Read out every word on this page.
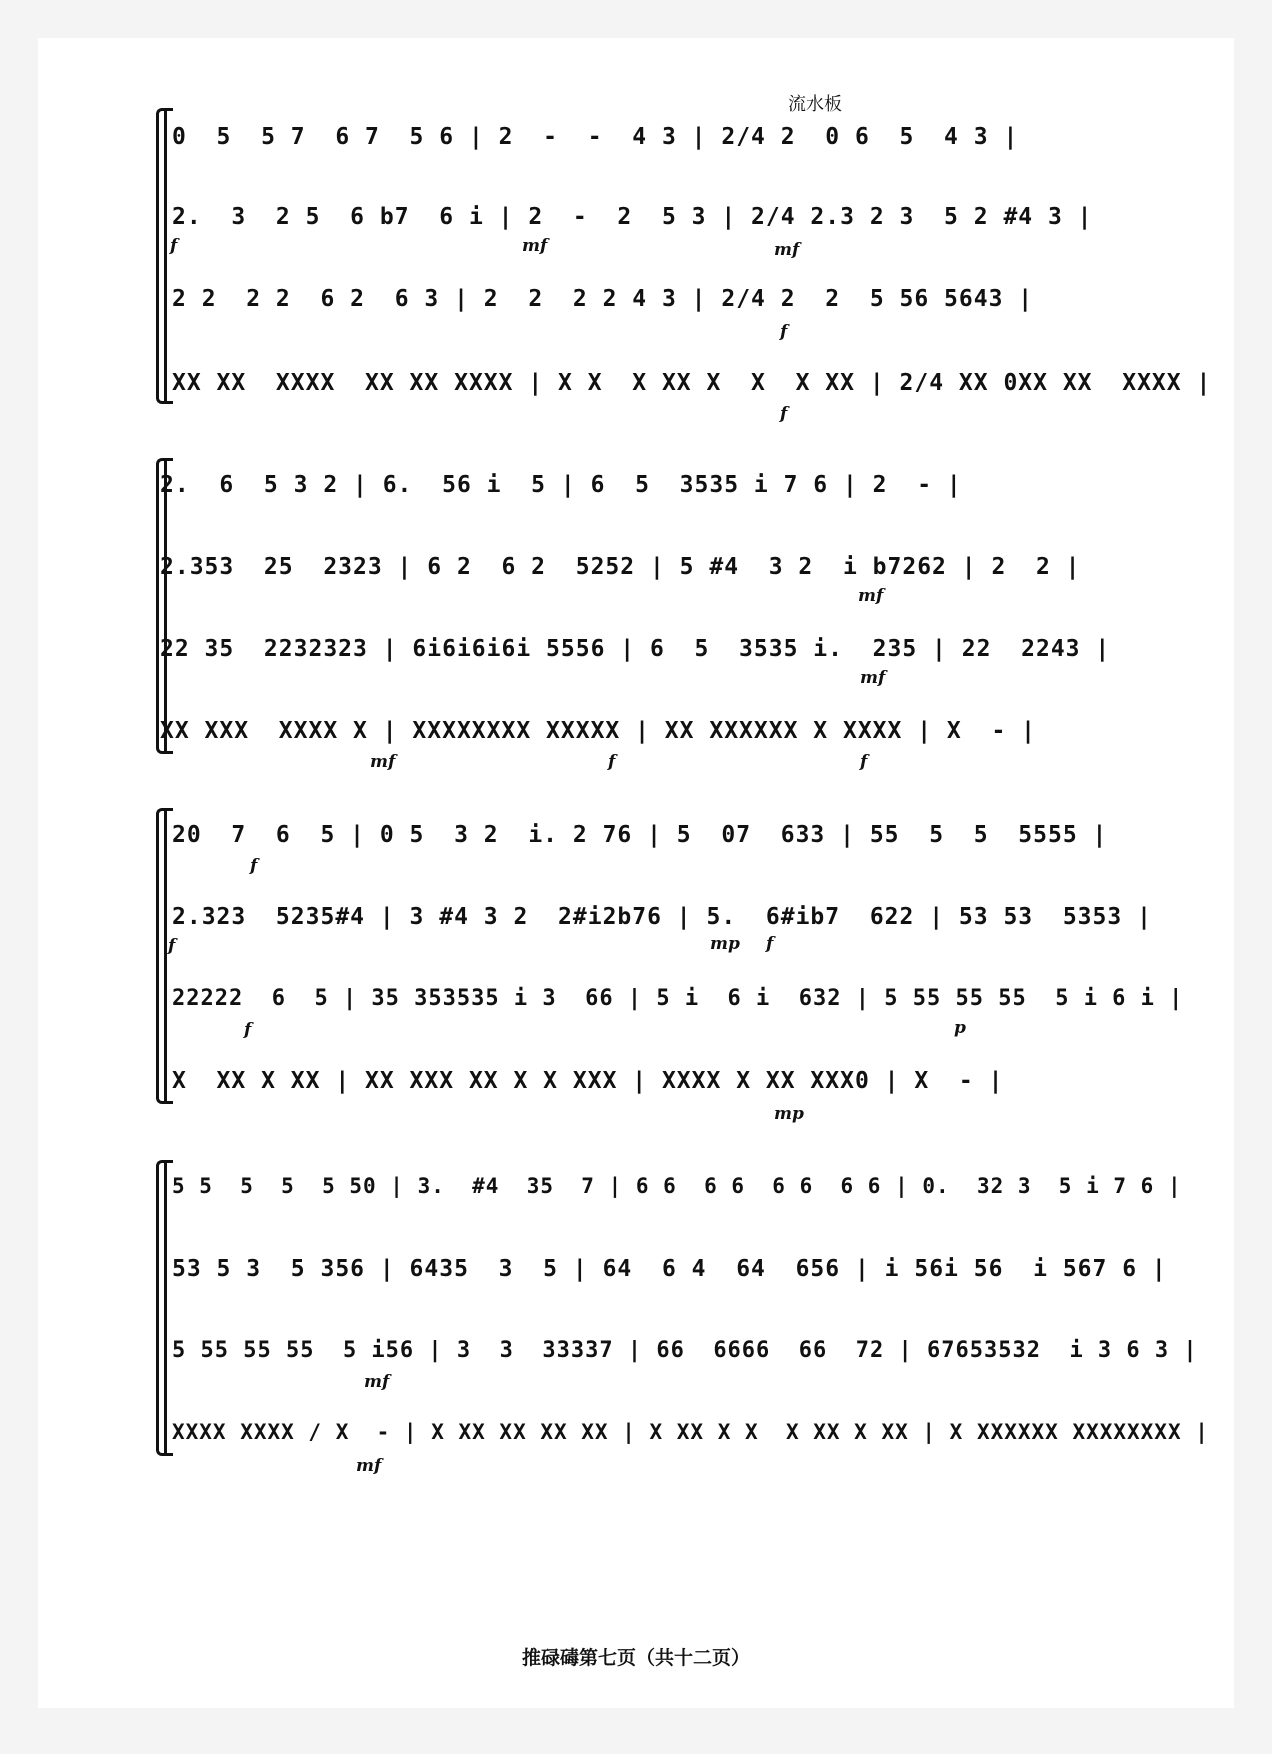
流水板
0  5  5 7  6 7  5 6 | 2  -  -  4 3 | 2/4 2  0 6  5  4 3 |
2.  3  2 5  6 b7  6 i | 2  -  2  5 3 | 2/4 2.3 2 3  5 2 #4 3 |
f	mf	mf
2 2  2 2  6 2  6 3 | 2  2  2 2 4 3 | 2/4 2  2  5 56 5643 |
f
XX XX  XXXX  XX XX XXXX | X X  X XX X  X  X XX | 2/4 XX 0XX XX  XXXX |
f
2.  6  5 3 2 | 6.  56 i  5 | 6  5  3535 i 7 6 | 2  - |
2.353  25  2323 | 6 2  6 2  5252 | 5 #4  3 2  i b7262 | 2  2 |
mf
22 35  2232323 | 6i6i6i6i 5556 | 6  5  3535 i.  235 | 22  2243 |
mf
XX XXX  XXXX X | XXXXXXXX XXXXX | XX XXXXXX X XXXX | X  - |
mf	f	f
20  7  6  5 | 0 5  3 2  i. 2 76 | 5  07  633 | 55  5  5  5555 |
f
2.323  5235#4 | 3 #4 3 2  2#i2b76 | 5.  6#ib7  622 | 53 53  5353 |
f	mp f
22222  6  5 | 35 353535 i 3  66 | 5 i  6 i  632 | 5 55 55 55  5 i 6 i |
f	p
X  XX X XX | XX XXX XX X X XXX | XXXX X XX XXX0 | X  - |
mp
5 5  5  5  5 50 | 3.  #4  35  7 | 6 6  6 6  6 6  6 6 | 0.  32 3  5 i 7 6 |
53 5 3  5 356 | 6435  3  5 | 64  6 4  64  656 | i 56i 56  i 567 6 |
5 55 55 55  5 i56 | 3  3  33337 | 66  6666  66  72 | 67653532  i 3 6 3 |
mf
XXXX XXXX / X  - | X XX XX XX XX | X XX X X  X XX X XX | X XXXXXX XXXXXXXX |
mf
推碌碡第七页（共十二页）
